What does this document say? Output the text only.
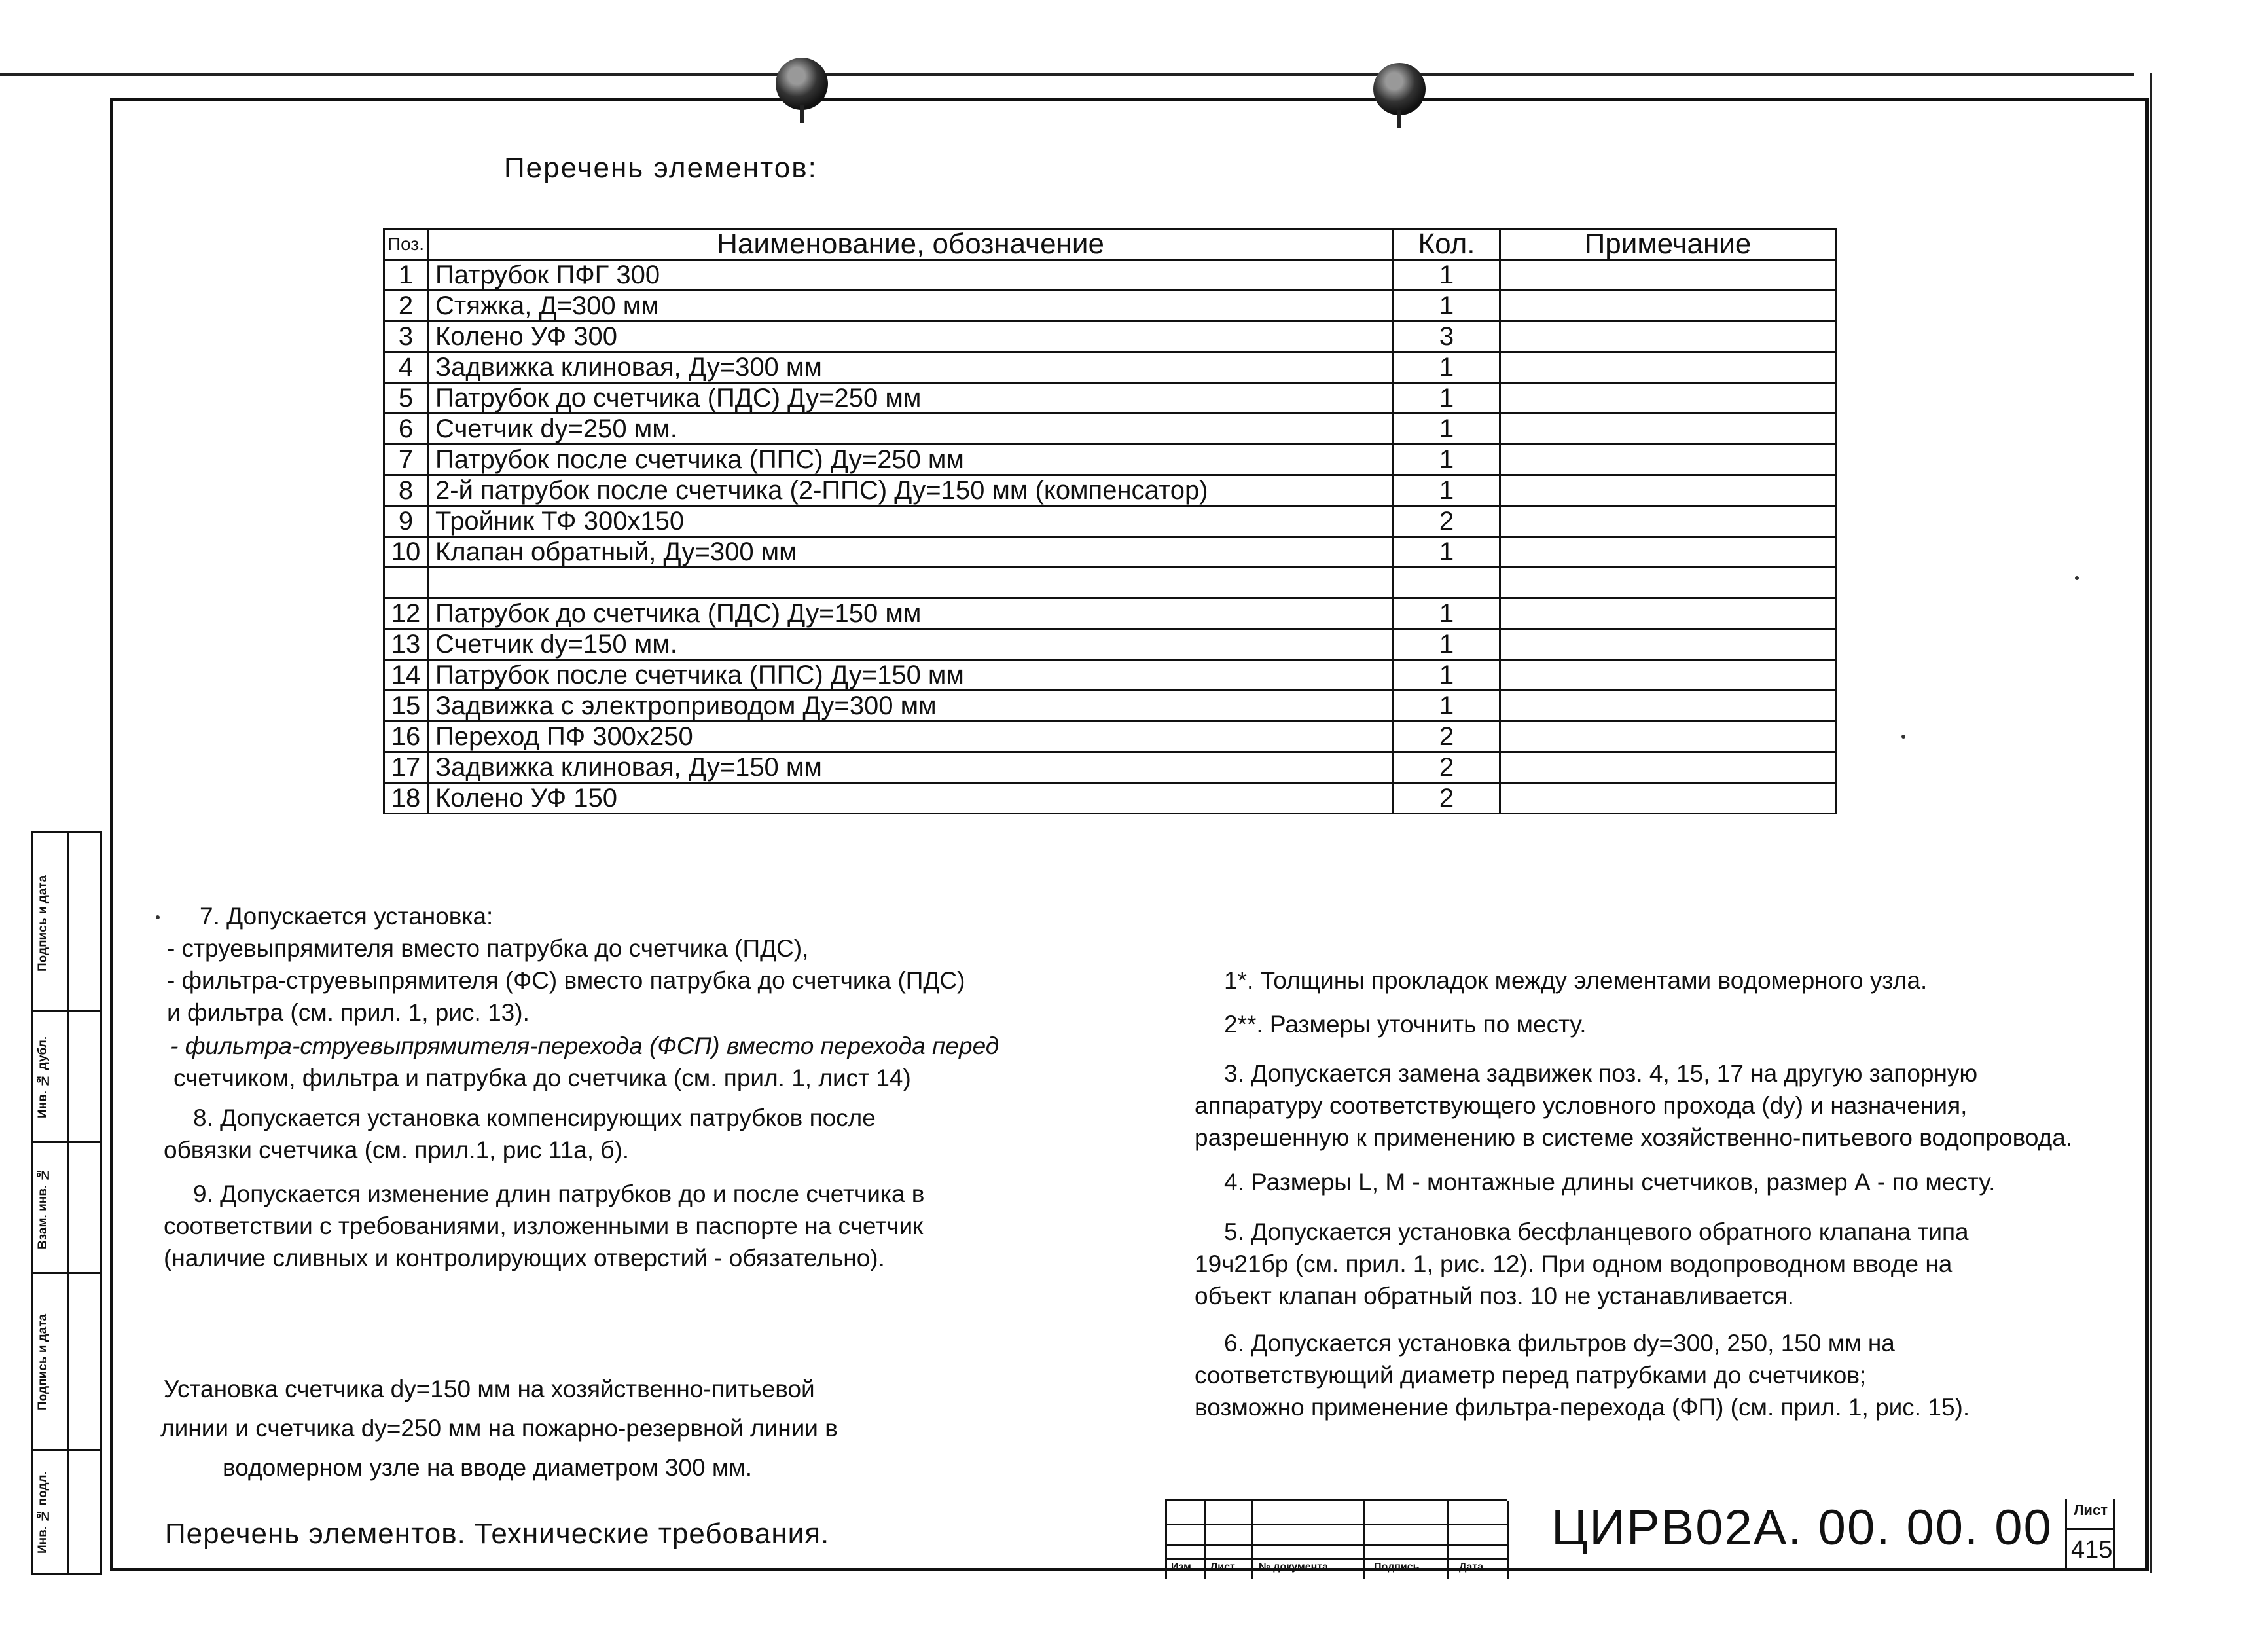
Перечень элементов:
Поз.	Наименование, обозначение	Кол.	Примечание
1	Патрубок ПФГ 300	1	
2	Стяжка, Д=300 мм	1	
3	Колено УФ 300	3	
4	Задвижка клиновая, Ду=300 мм	1	
5	Патрубок до счетчика (ПДС) Ду=250 мм	1	
6	Счетчик dy=250 мм.	1	
7	Патрубок после счетчика (ППС) Ду=250 мм	1	
8	2-й патрубок после счетчика (2-ППС) Ду=150 мм (компенсатор)	1	
9	Тройник ТФ 300х150	2	
10	Клапан обратный, Ду=300 мм	1	

12	Патрубок до счетчика (ПДС) Ду=150 мм	1	
13	Счетчик dy=150 мм.	1	
14	Патрубок после счетчика (ППС) Ду=150 мм	1	
15	Задвижка с электроприводом Ду=300 мм	1	
16	Переход ПФ 300х250	2	
17	Задвижка клиновая, Ду=150 мм	2	
18	Колено УФ 150	2	
7. Допускается установка:
- струевыпрямителя вместо патрубка до счетчика (ПДС),
- фильтра-струевыпрямителя (ФС) вместо патрубка до счетчика (ПДС)
и фильтра (см. прил. 1, рис. 13).
- фильтра-струевыпрямителя-перехода (ФСП) вместо перехода перед
счетчиком, фильтра и патрубка до счетчика (см. прил. 1, лист 14)
8. Допускается установка компенсирующих патрубков после
обвязки счетчика (см. прил.1, рис 11а, б).
9. Допускается изменение длин патрубков до и после счетчика в
соответствии с требованиями, изложенными в паспорте на счетчик
(наличие сливных и контролирующих отверстий - обязательно).
Установка счетчика dy=150 мм на хозяйственно-питьевой
линии и счетчика dy=250 мм на пожарно-резервной линии в
водомерном узле на вводе диаметром 300 мм.
1*. Толщины прокладок между элементами водомерного узла.
2**. Размеры уточнить по месту.
3. Допускается замена задвижек поз. 4, 15, 17 на другую запорную
аппаратуру соответствующего условного прохода (dy) и назначения,
разрешенную к применению в системе хозяйственно-питьевого водопровода.
4. Размеры L, M - монтажные длины счетчиков, размер А - по месту.
5. Допускается установка бесфланцевого обратного клапана типа
19ч21бр (см. прил. 1, рис. 12). При одном водопроводном вводе на
объект клапан обратный поз. 10 не устанавливается.
6. Допускается установка фильтров dy=300, 250, 150 мм на
соответствующий диаметр перед патрубками до счетчиков;
возможно применение фильтра-перехода (ФП) (см. прил. 1, рис. 15).
Перечень элементов. Технические требования.
Изм Лист № документа	Подпись	Дата
ЦИРВ02А. 00. 00. 00 Лист
415
Подпись и дата
Инв. № дубл.
Взам. инв. №
Подпись и дата
Инв. № подл.
